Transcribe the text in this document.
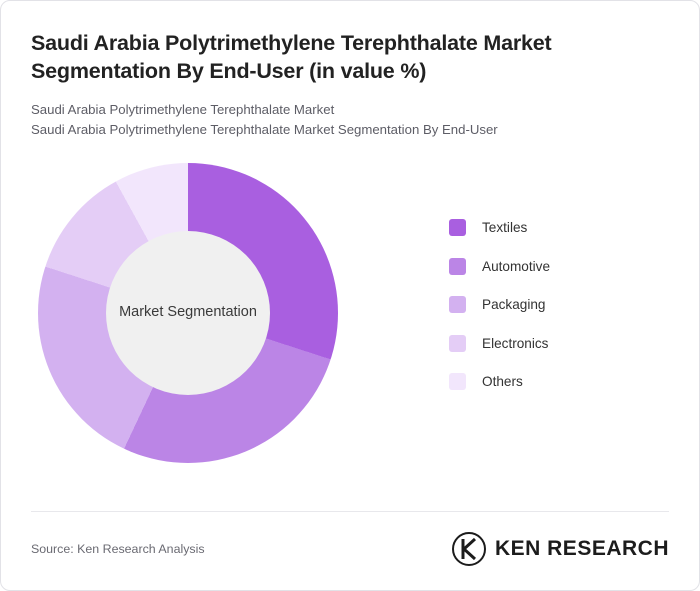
Saudi Arabia Polytrimethylene Terephthalate Market Segmentation By End-User (in value %)
Saudi Arabia Polytrimethylene Terephthalate Market
Saudi Arabia Polytrimethylene Terephthalate Market Segmentation By End-User
Market Segmentation
Textiles
Automotive
Packaging
Electronics
Others
Source: Ken Research Analysis	KEN RESEARCH
